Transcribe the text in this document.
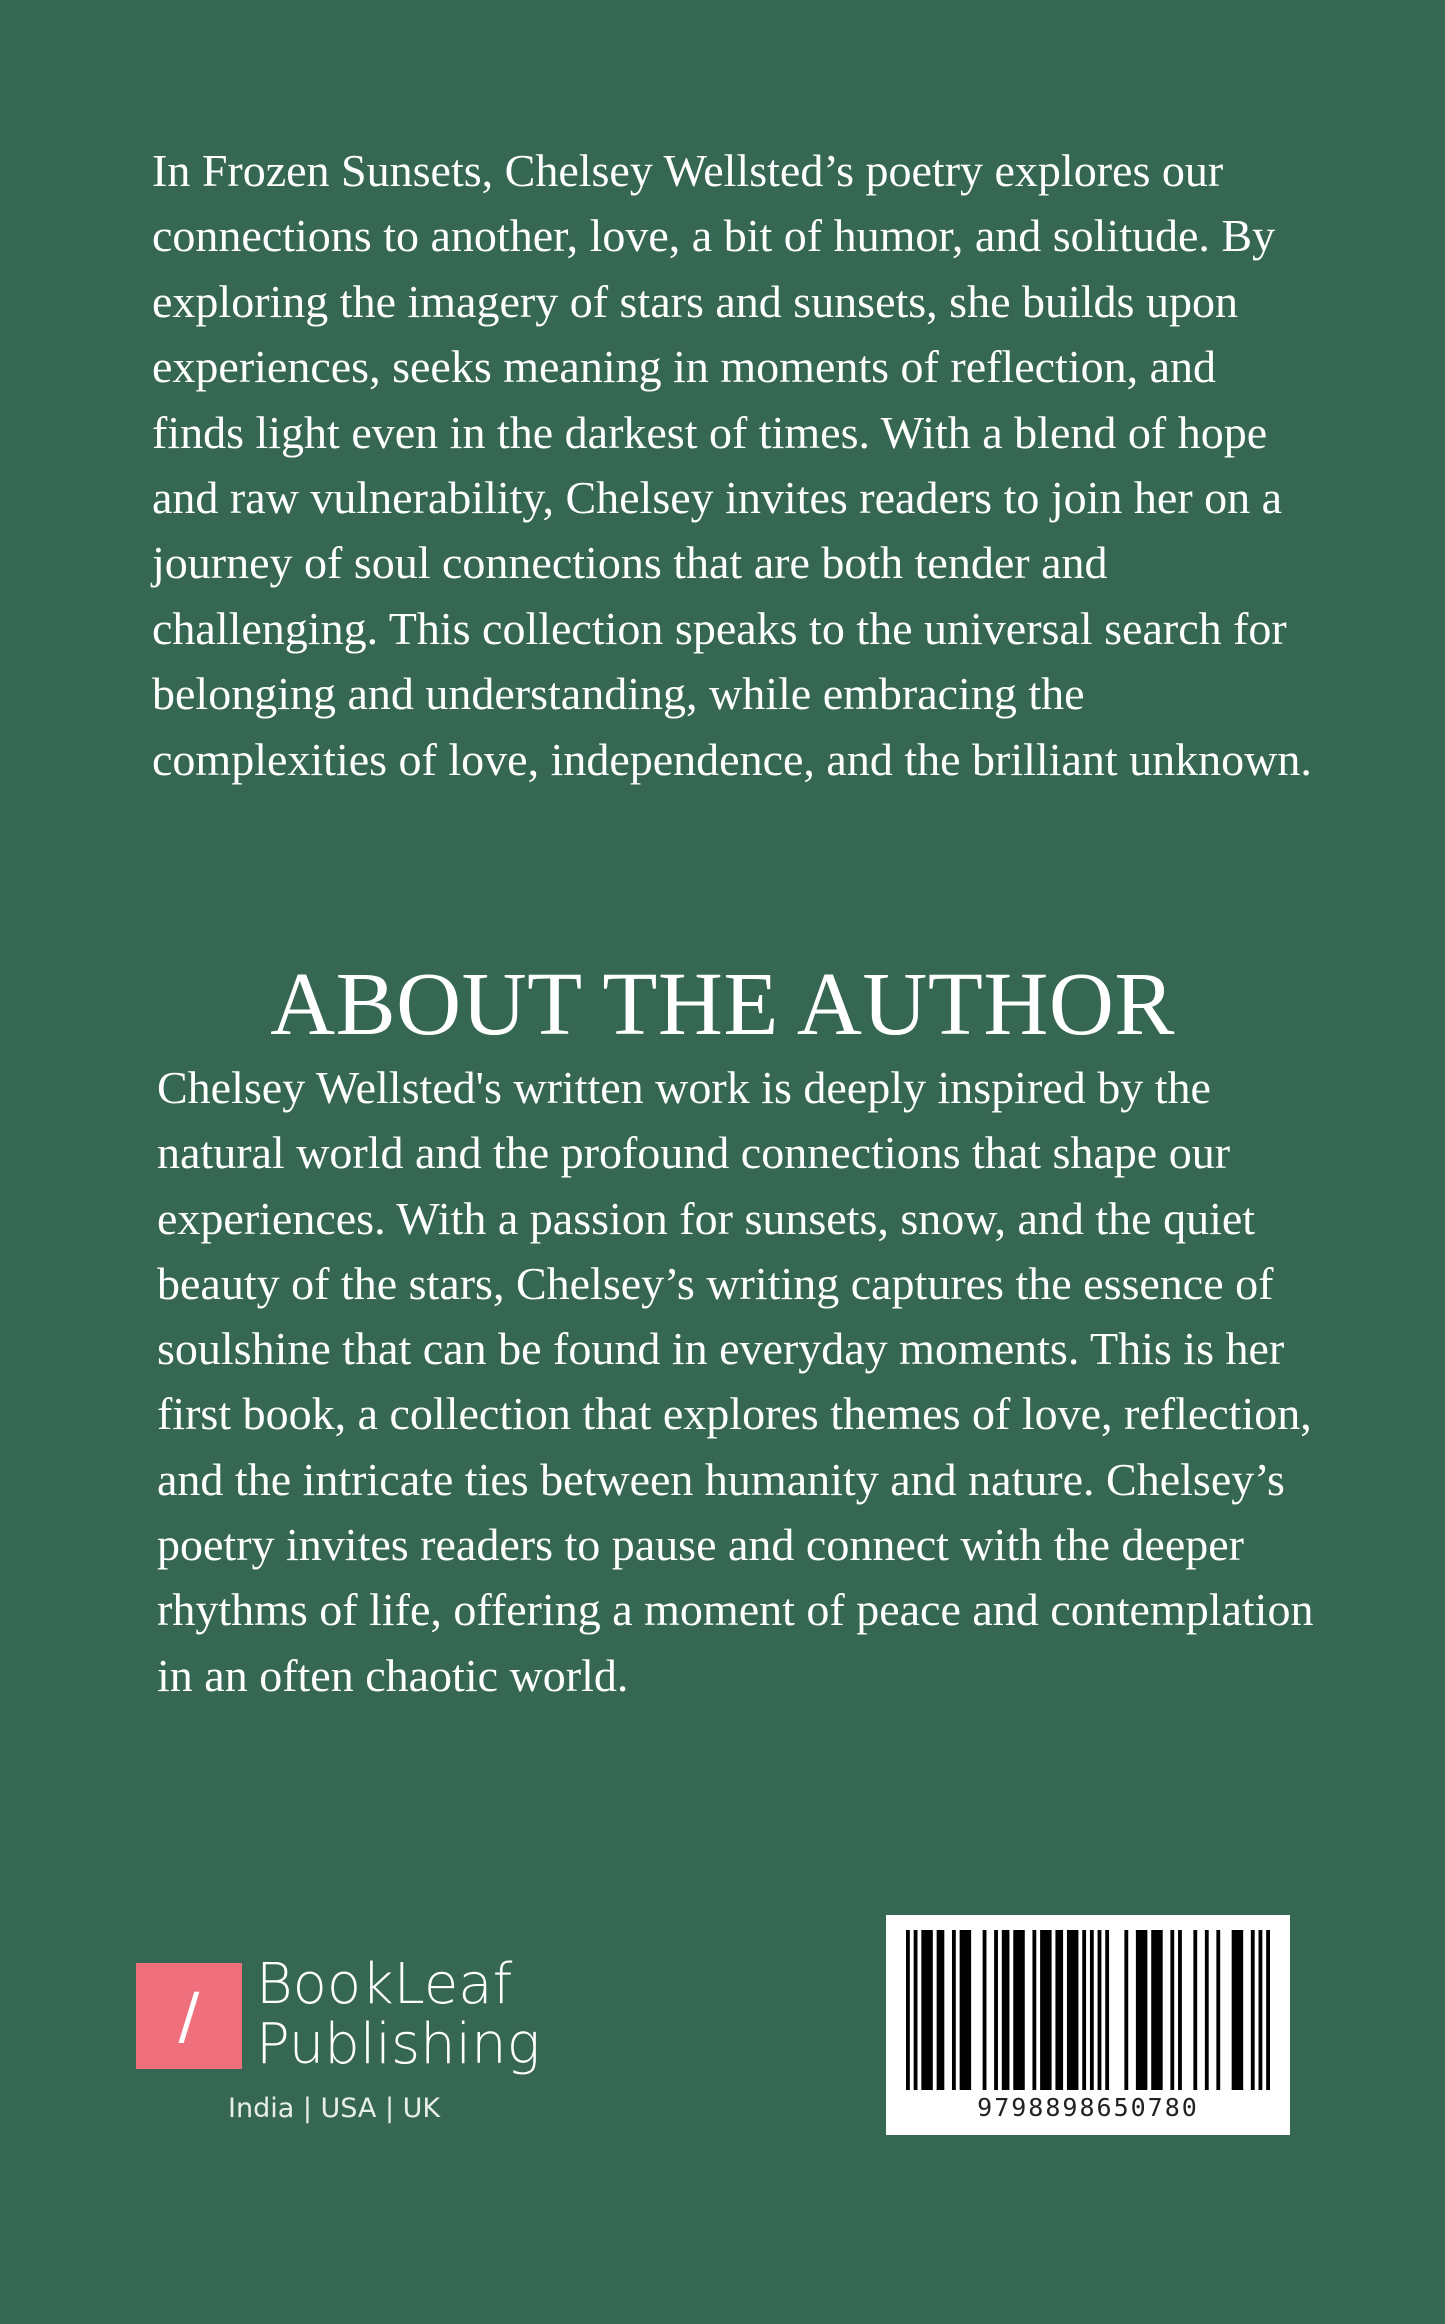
In Frozen Sunsets, Chelsey Wellsted’s poetry explores our connections to another, love, a bit of humor, and solitude. By exploring the imagery of stars and sunsets, she builds upon experiences, seeks meaning in moments of reflection, and finds light even in the darkest of times. With a blend of hope and raw vulnerability, Chelsey invites readers to join her on a journey of soul connections that are both tender and challenging. This collection speaks to the universal search for belonging and understanding, while embracing the complexities of love, independence, and the brilliant unknown.

ABOUT THE AUTHOR

Chelsey Wellsted's written work is deeply inspired by the natural world and the profound connections that shape our experiences. With a passion for sunsets, snow, and the quiet beauty of the stars, Chelsey’s writing captures the essence of soulshine that can be found in everyday moments. This is her first book, a collection that explores themes of love, reflection, and the intricate ties between humanity and nature. Chelsey’s poetry invites readers to pause and connect with the deeper rhythms of life, offering a moment of peace and contemplation in an often chaotic world.

/	BookLeaf
Publishing
India | USA | UK	9798898650780
